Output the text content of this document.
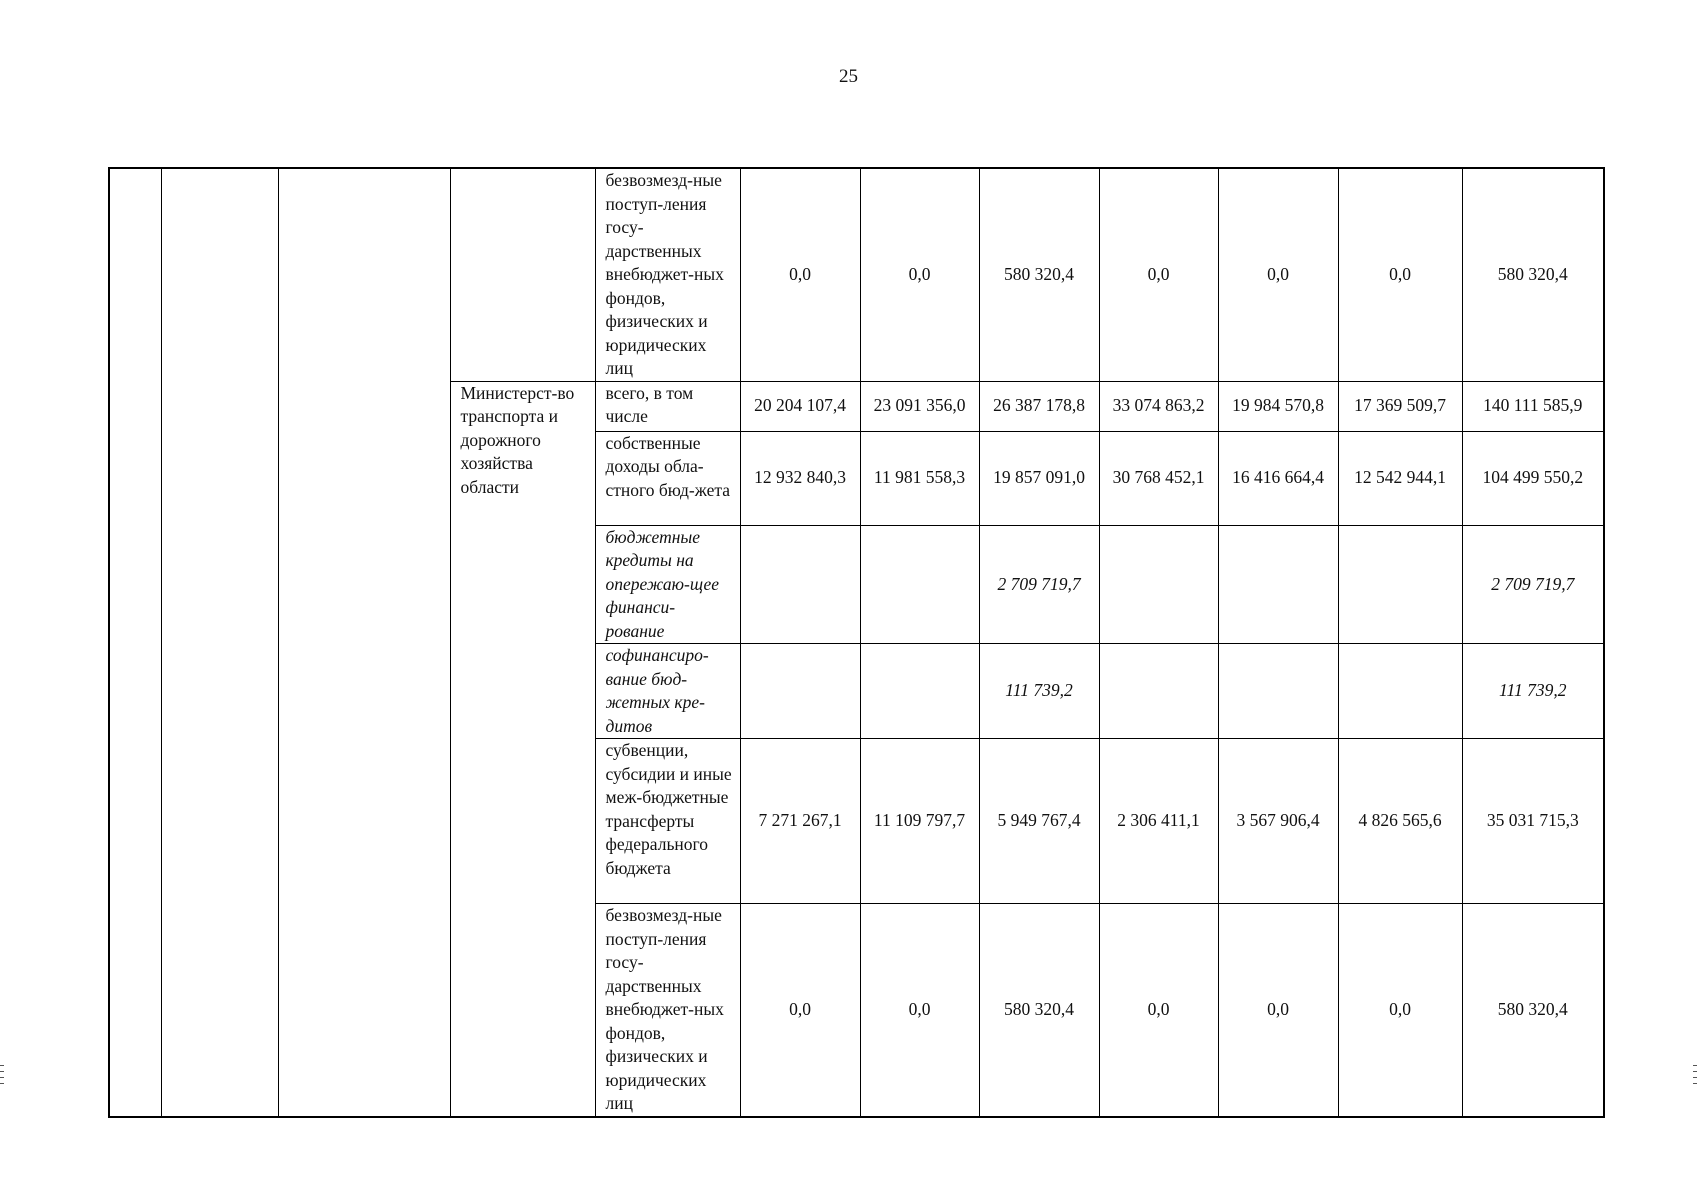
25
				безвозмезд-ные поступ-ления госу-дарственных внебюджет-ных фондов, физических и юридических лиц	0,0	0,0	580 320,4	0,0	0,0	0,0	580 320,4
			Министерст-во транспорта и дорожного хозяйства области	всего, в том числе	20 204 107,4	23 091 356,0	26 387 178,8	33 074 863,2	19 984 570,8	17 369 509,7	140 111 585,9
				собственные доходы обла-стного бюд-жета	12 932 840,3	11 981 558,3	19 857 091,0	30 768 452,1	16 416 664,4	12 542 944,1	104 499 550,2
				бюджетные кредиты на опережаю-щее финанси-рование			2 709 719,7				2 709 719,7
				софинансиро-вание бюд-жетных кре-дитов			111 739,2				111 739,2
				субвенции, субсидии и иные меж-бюджетные трансферты федерального бюджета	7 271 267,1	11 109 797,7	5 949 767,4	2 306 411,1	3 567 906,4	4 826 565,6	35 031 715,3
				безвозмезд-ные поступ-ления госу-дарственных внебюджет-ных фондов, физических и юридических лиц	0,0	0,0	580 320,4	0,0	0,0	0,0	580 320,4
